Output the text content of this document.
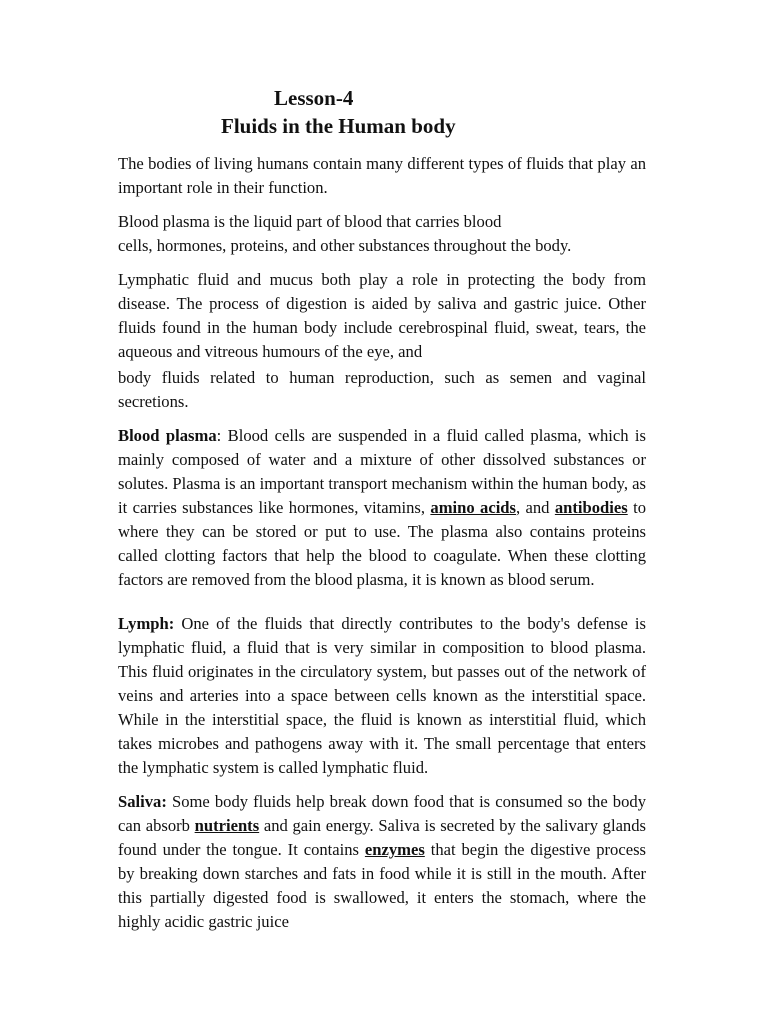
Lesson-4
Fluids in the Human body

The bodies of living humans contain many different types of fluids that play an important role in their function.

Blood plasma is the liquid part of blood that carries blood

cells, hormones, proteins, and other substances throughout the body.

Lymphatic fluid and mucus both play a role in protecting the body from disease. The process of digestion is aided by saliva and gastric juice. Other fluids found in the human body include cerebrospinal fluid, sweat, tears, the aqueous and vitreous humours of the eye, and

body fluids related to human reproduction, such as semen and vaginal secretions.

Blood plasma: Blood cells are suspended in a fluid called plasma, which is mainly composed of water and a mixture of other dissolved substances or solutes. Plasma is an important transport mechanism within the human body, as it carries substances like hormones, vitamins, amino acids, and antibodies to where they can be stored or put to use. The plasma also contains proteins called clotting factors that help the blood to coagulate. When these clotting factors are removed from the blood plasma, it is known as blood serum.

Lymph: One of the fluids that directly contributes to the body's defense is lymphatic fluid, a fluid that is very similar in composition to blood plasma. This fluid originates in the circulatory system, but passes out of the network of veins and arteries into a space between cells known as the interstitial space. While in the interstitial space, the fluid is known as interstitial fluid, which takes microbes and pathogens away with it. The small percentage that enters the lymphatic system is called lymphatic fluid.

Saliva: Some body fluids help break down food that is consumed so the body can absorb nutrients and gain energy. Saliva is secreted by the salivary glands found under the tongue. It contains enzymes that begin the digestive process by breaking down starches and fats in food while it is still in the mouth. After this partially digested food is swallowed, it enters the stomach, where the highly acidic gastric juice
